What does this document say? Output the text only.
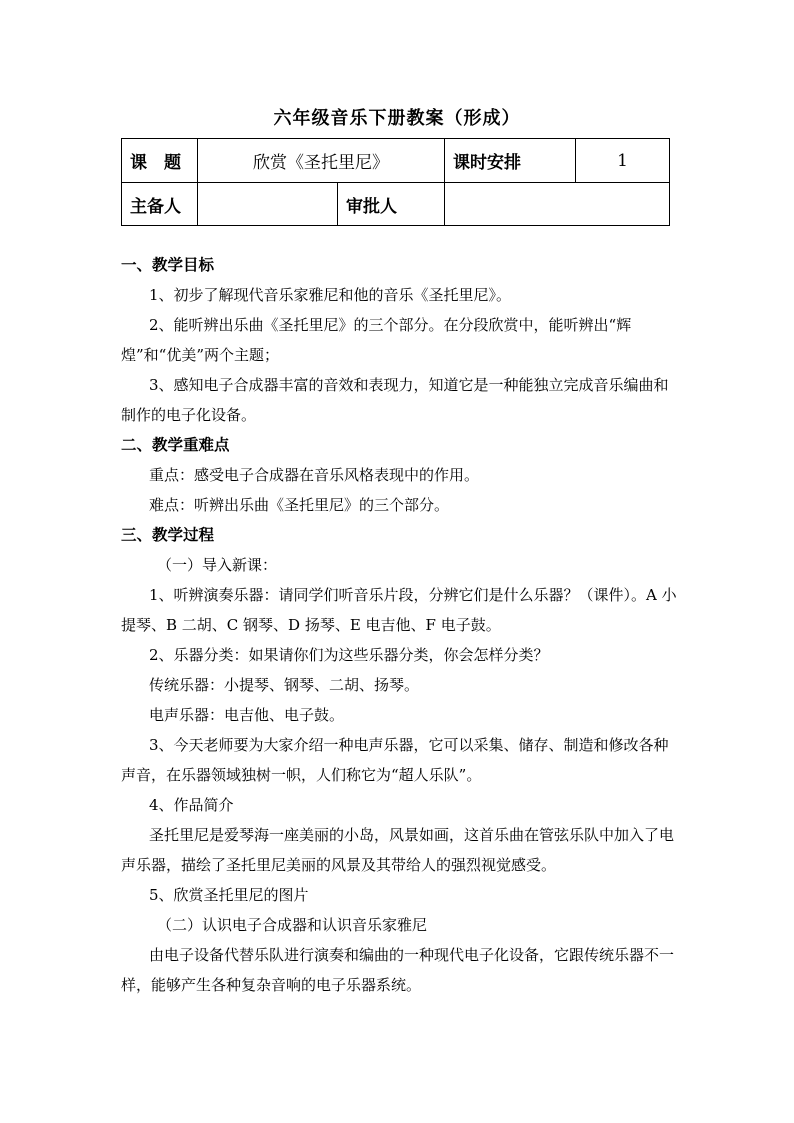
六年级音乐下册教案（形成）
课　题	欣赏《圣托里尼》		课时安排	1
主备人		审批人		

一、教学目标

1、初步了解现代音乐家雅尼和他的音乐《圣托里尼》。

2、能听辨出乐曲《圣托里尼》的三个部分。在分段欣赏中，能听辨出“辉煌”和“优美”两个主题；

3、感知电子合成器丰富的音效和表现力，知道它是一种能独立完成音乐编曲和制作的电子化设备。

二、教学重难点

重点：感受电子合成器在音乐风格表现中的作用。

难点：听辨出乐曲《圣托里尼》的三个部分。

三、教学过程

（一）导入新课：

1、听辨演奏乐器：请同学们听音乐片段，分辨它们是什么乐器？（课件）。A 小提琴、B 二胡、C 钢琴、D 扬琴、E 电吉他、F 电子鼓。

2、乐器分类：如果请你们为这些乐器分类，你会怎样分类？

传统乐器：小提琴、钢琴、二胡、扬琴。

电声乐器：电吉他、电子鼓。

3、今天老师要为大家介绍一种电声乐器，它可以采集、储存、制造和修改各种声音，在乐器领域独树一帜，人们称它为“超人乐队”。

4、作品简介

圣托里尼是爱琴海一座美丽的小岛，风景如画，这首乐曲在管弦乐队中加入了电声乐器，描绘了圣托里尼美丽的风景及其带给人的强烈视觉感受。

5、欣赏圣托里尼的图片

（二）认识电子合成器和认识音乐家雅尼

由电子设备代替乐队进行演奏和编曲的一种现代电子化设备，它跟传统乐器不一样，能够产生各种复杂音响的电子乐器系统。
